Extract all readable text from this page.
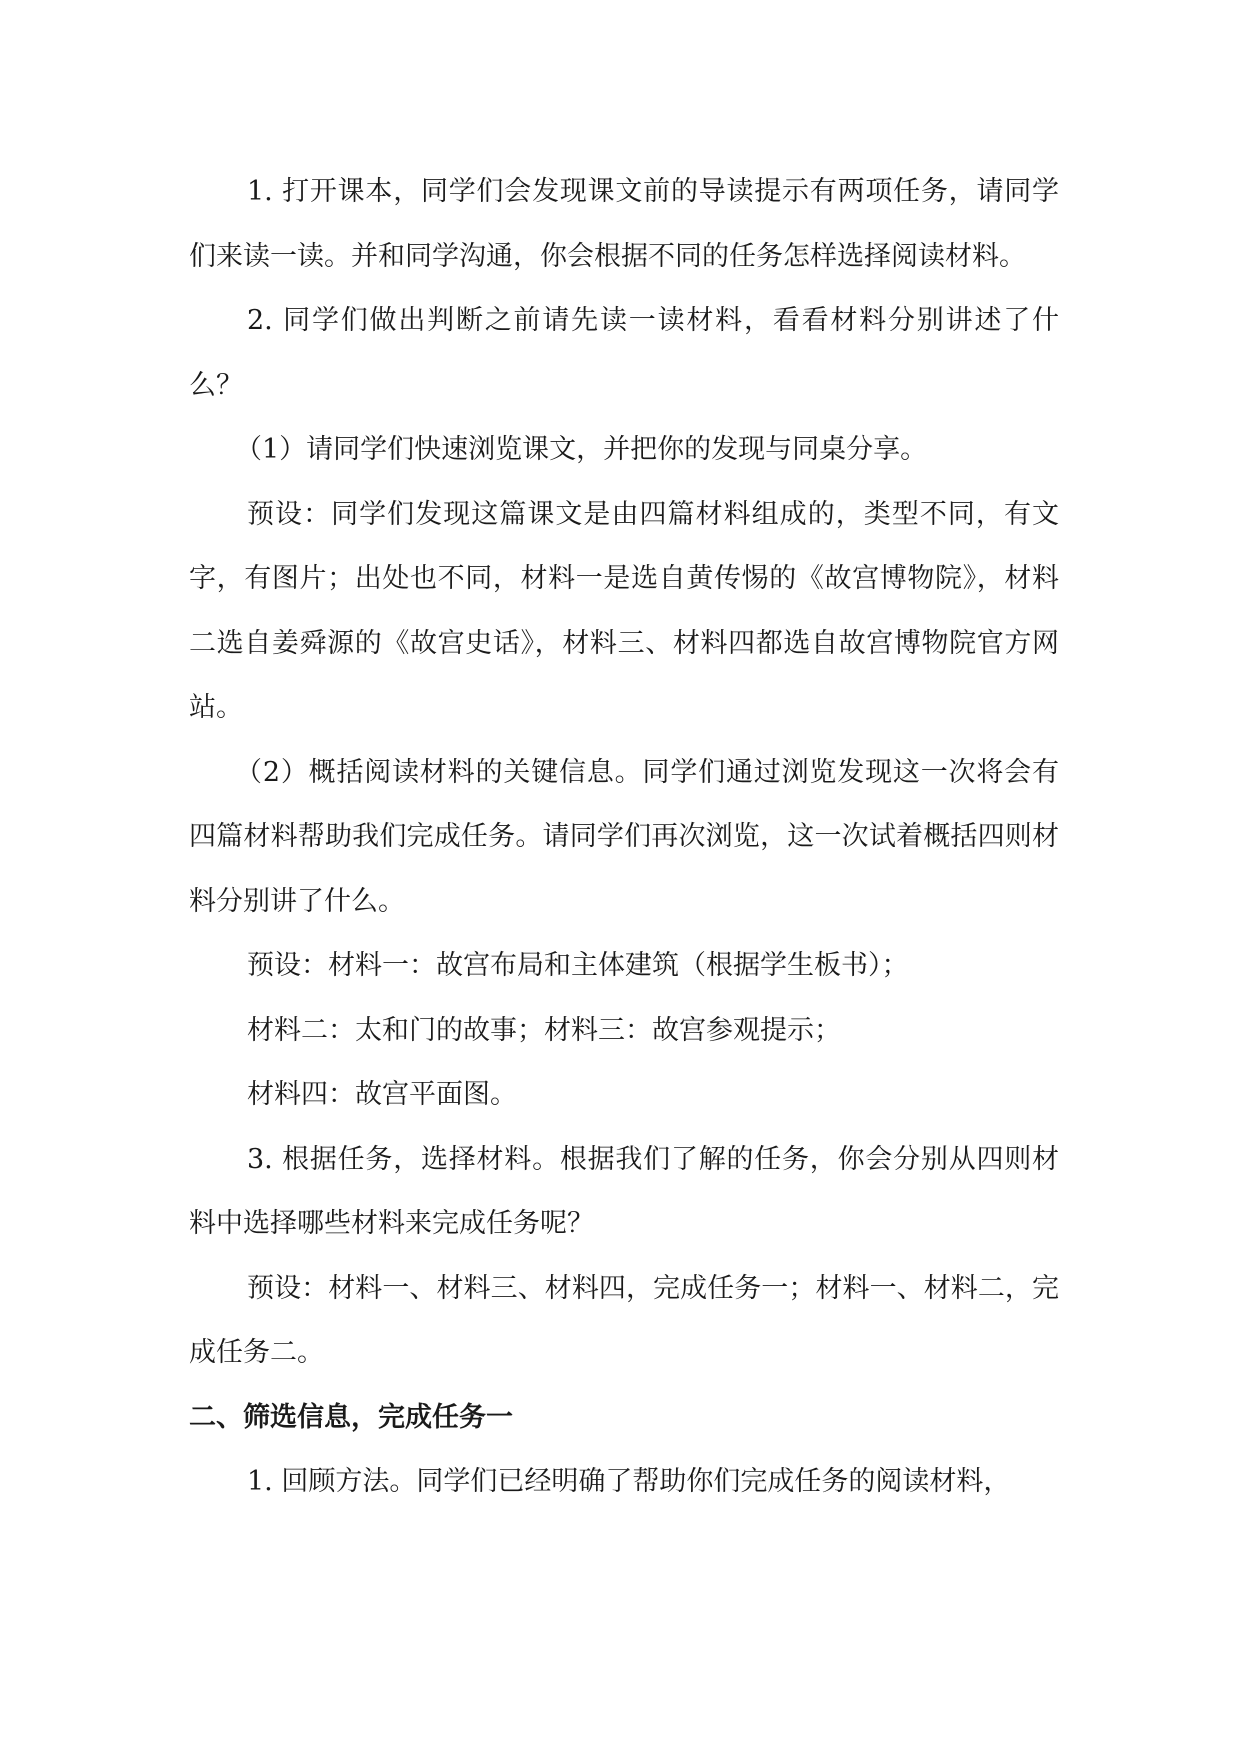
1. 打开课本，同学们会发现课文前的导读提示有两项任务，请同学们来读一读。并和同学沟通，你会根据不同的任务怎样选择阅读材料。

2. 同学们做出判断之前请先读一读材料，看看材料分别讲述了什么？

（1）请同学们快速浏览课文，并把你的发现与同桌分享。

预设：同学们发现这篇课文是由四篇材料组成的，类型不同，有文字，有图片；出处也不同，材料一是选自黄传惕的《故宫博物院》，材料二选自姜舜源的《故宫史话》，材料三、材料四都选自故宫博物院官方网站。

（2）概括阅读材料的关键信息。同学们通过浏览发现这一次将会有四篇材料帮助我们完成任务。请同学们再次浏览，这一次试着概括四则材料分别讲了什么。

预设：材料一：故宫布局和主体建筑（根据学生板书）；

材料二：太和门的故事；材料三：故宫参观提示；

材料四：故宫平面图。

3. 根据任务，选择材料。根据我们了解的任务，你会分别从四则材料中选择哪些材料来完成任务呢？

预设：材料一、材料三、材料四，完成任务一；材料一、材料二，完成任务二。

二、筛选信息，完成任务一

1. 回顾方法。同学们已经明确了帮助你们完成任务的阅读材料，
